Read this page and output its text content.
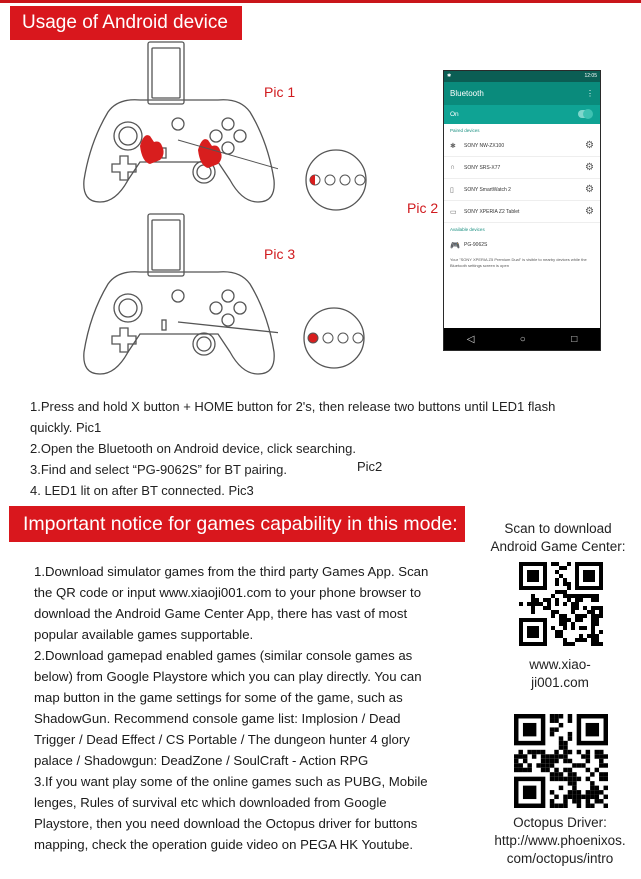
Usage of Android device
Pic 1
Pic 3
Pic 2
✱	12:05
Bluetooth	⋮
On
Paired devices
✱	SONY NW-ZX100	⚙
∩	SONY SRS-X77	⚙
▯	SONY SmartWatch 2	⚙
▭	SONY XPERIA Z2 Tablet	⚙
Available devices
🎮 PG-9062S
Your "SONY XPERIA Z5 Premium Dual" is visible to nearby devices while the Bluetooth settings screen is open
◁	○	□

1.Press and hold X button + HOME button for 2's, then release two buttons until LED1 flash

quickly. Pic1

2.Open the Bluetooth on Android device, click searching.

3.Find and select “PG-9062S” for BT pairing.

4. LED1 lit on after BT connected. Pic3

Pic2
Important notice for games capability in this mode:

1.Download simulator games from the third party Games App. Scan

the QR code or input www.xiaoji001.com to your phone browser to

download the Android Game Center App, there has vast of most

popular available games supportable.

2.Download gamepad enabled games (similar console games as

below) from Google Playstore which you can play directly. You can

map button in the game settings for some of the game, such as

ShadowGun. Recommend console game list: Implosion / Dead

Trigger / Dead Effect / CS Portable / The dungeon hunter 4 glory

palace / Shadowgun: DeadZone / SoulCraft - Action RPG

3.If you want play some of the online games such as PUBG, Mobile

lenges, Rules of survival etc which downloaded from Google

Playstore, then you need download the Octopus driver for buttons

mapping, check the operation guide video on PEGA HK Youtube.

Scan to download
Android Game Center:
www.xiao-
ji001.com
Octopus Driver:
http://www.phoenixos.
com/octopus/intro
